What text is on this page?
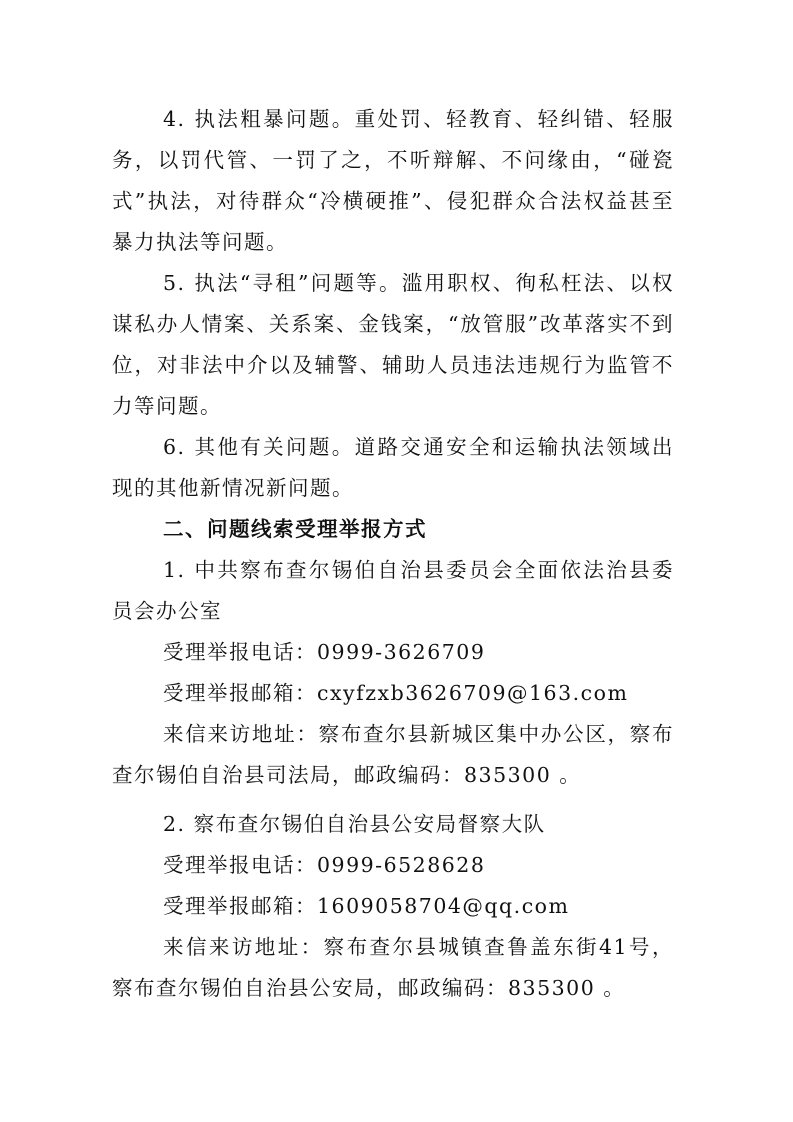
4. 执法粗暴问题。重处罚、轻教育、轻纠错、轻服务，以罚代管、一罚了之，不听辩解、不问缘由，“碰瓷式”执法，对待群众“冷横硬推”、侵犯群众合法权益甚至暴力执法等问题。

5. 执法“寻租”问题等。滥用职权、徇私枉法、以权谋私办人情案、关系案、金钱案，“放管服”改革落实不到位，对非法中介以及辅警、辅助人员违法违规行为监管不力等问题。

6. 其他有关问题。道路交通安全和运输执法领域出现的其他新情况新问题。

二、问题线索受理举报方式

1. 中共察布查尔锡伯自治县委员会全面依法治县委员会办公室

受理举报电话：0999-3626709

受理举报邮箱：cxyfzxb3626709@163.com

来信来访地址：察布查尔县新城区集中办公区，察布查尔锡伯自治县司法局，邮政编码：835300 。

2. 察布查尔锡伯自治县公安局督察大队

受理举报电话：0999-6528628

受理举报邮箱：1609058704@qq.com

来信来访地址：察布查尔县城镇查鲁盖东街41号，察布查尔锡伯自治县公安局，邮政编码：835300 。
